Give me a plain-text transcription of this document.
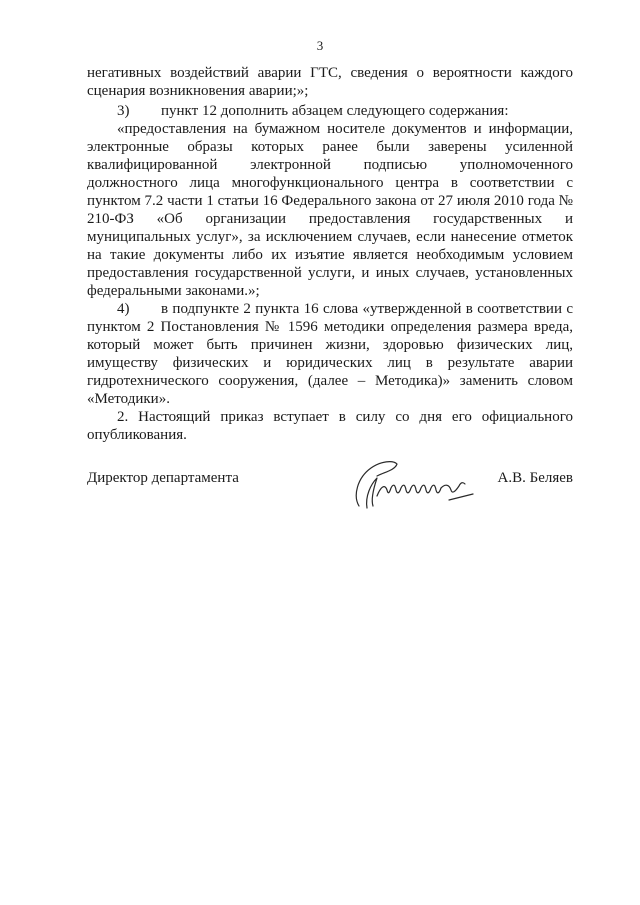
3

негативных воздействий аварии ГТС, сведения о вероятности каждого сценария возникновения аварии;»;

3) пункт 12 дополнить абзацем следующего содержания:

«предоставления на бумажном носителе документов и информации, электронные образы которых ранее были заверены усиленной квалифицированной электронной подписью уполномоченного должностного лица многофункционального центра в соответствии с пунктом 7.2 части 1 статьи 16 Федерального закона от 27 июля 2010 года № 210-ФЗ «Об организации предоставления государственных и муниципальных услуг», за исключением случаев, если нанесение отметок на такие документы либо их изъятие является необходимым условием предоставления государственной услуги, и иных случаев, установленных федеральными законами.»;

4) в подпункте 2 пункта 16 слова «утвержденной в соответствии с пунктом 2 Постановления № 1596 методики определения размера вреда, который может быть причинен жизни, здоровью физических лиц, имуществу физических и юридических лиц в результате аварии гидротехнического сооружения, (далее – Методика)» заменить словом «Методики».

2. Настоящий приказ вступает в силу со дня его официального опубликования.

Директор департамента	А.В. Беляев
